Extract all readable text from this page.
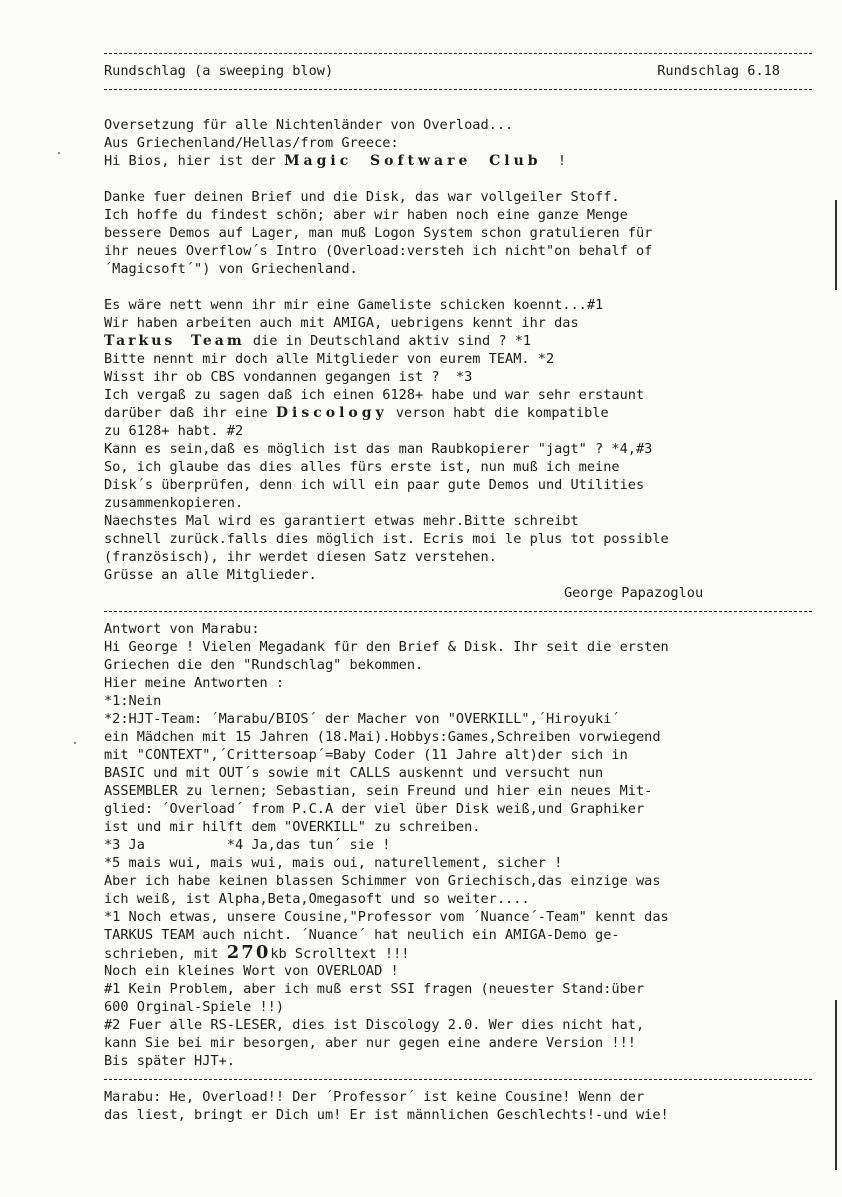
Rundschlag (a sweeping blow)	Rundschlag 6.18
Oversetzung für alle Nichtenländer von Overload...
Aus Griechenland/Hellas/from Greece:
Hi Bios, hier ist der Magic  Software  Club  !
Danke fuer deinen Brief und die Disk, das war vollgeiler Stoff.
Ich hoffe du findest schön; aber wir haben noch eine ganze Menge
bessere Demos auf Lager, man muß Logon System schon gratulieren für
ihr neues Overflow´s Intro (Overload:versteh ich nicht"on behalf of
´Magicsoft´") von Griechenland.
Es wäre nett wenn ihr mir eine Gameliste schicken koennt...#1
Wir haben arbeiten auch mit AMIGA, uebrigens kennt ihr das
Tarkus  Team die in Deutschland aktiv sind ? *1
Bitte nennt mir doch alle Mitglieder von eurem TEAM. *2
Wisst ihr ob CBS vondannen gegangen ist ?  *3
Ich vergaß zu sagen daß ich einen 6128+ habe und war sehr erstaunt
darüber daß ihr eine Discology verson habt die kompatible
zu 6128+ habt. #2
Kann es sein,daß es möglich ist das man Raubkopierer "jagt" ? *4,#3
So, ich glaube das dies alles fürs erste ist, nun muß ich meine
Disk´s überprüfen, denn ich will ein paar gute Demos und Utilities
zusammenkopieren.
Naechstes Mal wird es garantiert etwas mehr.Bitte schreibt
schnell zurück.falls dies möglich ist. Ecris moi le plus tot possible
(französisch), ihr werdet diesen Satz verstehen.
Grüsse an alle Mitglieder.
George Papazoglou
Antwort von Marabu:
Hi George ! Vielen Megadank für den Brief & Disk. Ihr seit die ersten
Griechen die den "Rundschlag" bekommen.
Hier meine Antworten :
*1:Nein
*2:HJT-Team: ´Marabu/BIOS´ der Macher von "OVERKILL",´Hiroyuki´
ein Mädchen mit 15 Jahren (18.Mai).Hobbys:Games,Schreiben vorwiegend
mit "CONTEXT",´Crittersoap´=Baby Coder (11 Jahre alt)der sich in
BASIC und mit OUT´s sowie mit CALLS auskennt und versucht nun
ASSEMBLER zu lernen; Sebastian, sein Freund und hier ein neues Mit-
glied: ´Overload´ from P.C.A der viel über Disk weiß,und Graphiker
ist und mir hilft dem "OVERKILL" zu schreiben.
*3 Ja          *4 Ja,das tun´ sie !
*5 mais wui, mais wui, mais oui, naturellement, sicher !
Aber ich habe keinen blassen Schimmer von Griechisch,das einzige was
ich weiß, ist Alpha,Beta,Omegasoft und so weiter....
*1 Noch etwas, unsere Cousine,"Professor vom ´Nuance´-Team" kennt das
TARKUS TEAM auch nicht. ´Nuance´ hat neulich ein AMIGA-Demo ge-
schrieben, mit 270kb Scrolltext !!!
Noch ein kleines Wort von OVERLOAD !
#1 Kein Problem, aber ich muß erst SSI fragen (neuester Stand:über
600 Orginal-Spiele !!)
#2 Fuer alle RS-LESER, dies ist Discology 2.0. Wer dies nicht hat,
kann Sie bei mir besorgen, aber nur gegen eine andere Version !!!
Bis später HJT+.
Marabu: He, Overload!! Der ´Professor´ ist keine Cousine! Wenn der
das liest, bringt er Dich um! Er ist männlichen Geschlechts!-und wie!
